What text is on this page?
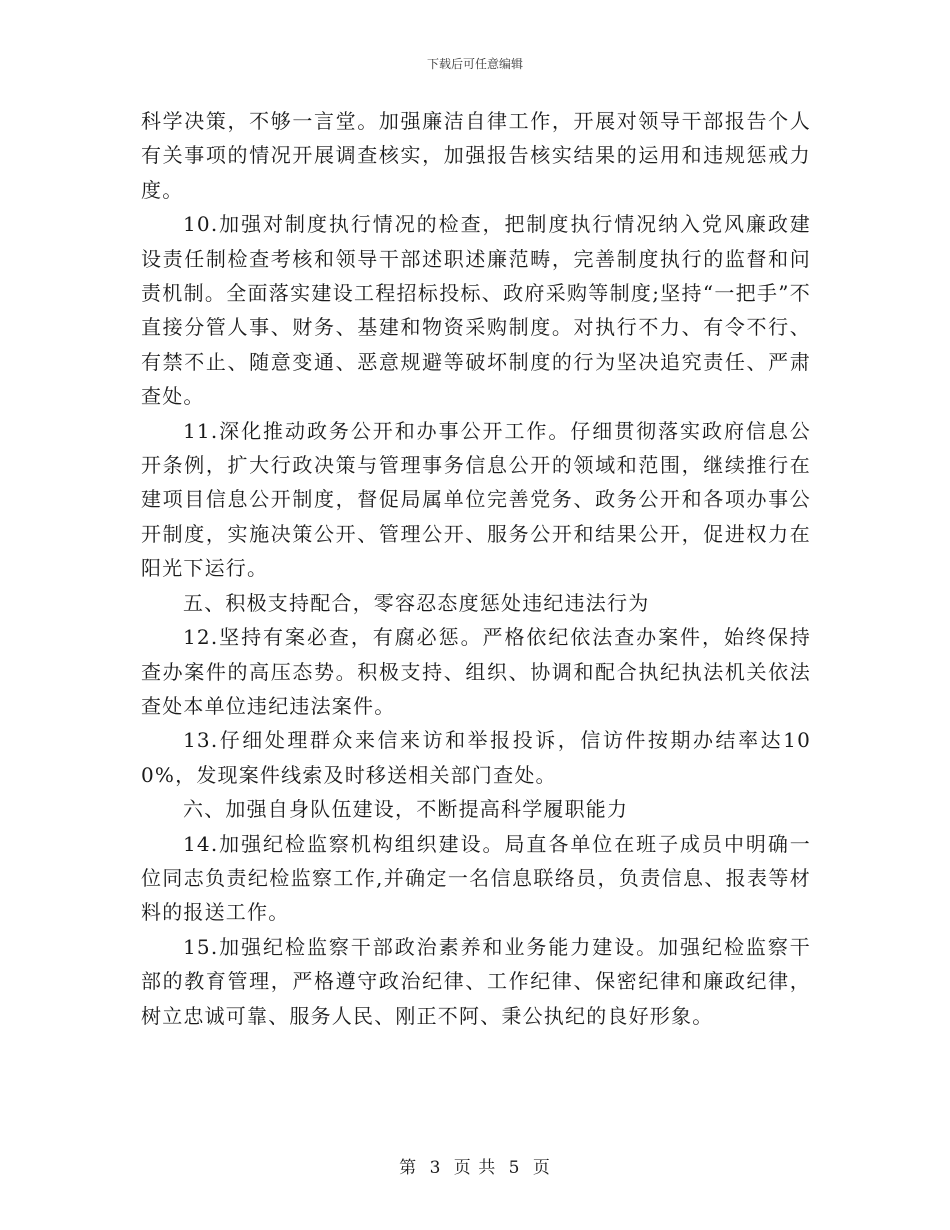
下载后可任意编辑

科学决策，不够一言堂。加强廉洁自律工作，开展对领导干部报告个人有关事项的情况开展调查核实，加强报告核实结果的运用和违规惩戒力度。

10.加强对制度执行情况的检查，把制度执行情况纳入党风廉政建设责任制检查考核和领导干部述职述廉范畴，完善制度执行的监督和问责机制。全面落实建设工程招标投标、政府采购等制度;坚持“一把手”不直接分管人事、财务、基建和物资采购制度。对执行不力、有令不行、有禁不止、随意变通、恶意规避等破坏制度的行为坚决追究责任、严肃查处。

11.深化推动政务公开和办事公开工作。仔细贯彻落实政府信息公开条例，扩大行政决策与管理事务信息公开的领域和范围，继续推行在建项目信息公开制度，督促局属单位完善党务、政务公开和各项办事公开制度，实施决策公开、管理公开、服务公开和结果公开，促进权力在阳光下运行。

五、积极支持配合，零容忍态度惩处违纪违法行为

12.坚持有案必查，有腐必惩。严格依纪依法查办案件，始终保持查办案件的高压态势。积极支持、组织、协调和配合执纪执法机关依法查处本单位违纪违法案件。

13.仔细处理群众来信来访和举报投诉，信访件按期办结率达100%，发现案件线索及时移送相关部门查处。

六、加强自身队伍建设，不断提高科学履职能力

14.加强纪检监察机构组织建设。局直各单位在班子成员中明确一位同志负责纪检监察工作,并确定一名信息联络员，负责信息、报表等材料的报送工作。

15.加强纪检监察干部政治素养和业务能力建设。加强纪检监察干部的教育管理，严格遵守政治纪律、工作纪律、保密纪律和廉政纪律，树立忠诚可靠、服务人民、刚正不阿、秉公执纪的良好形象。

第 3 页 共 5 页
